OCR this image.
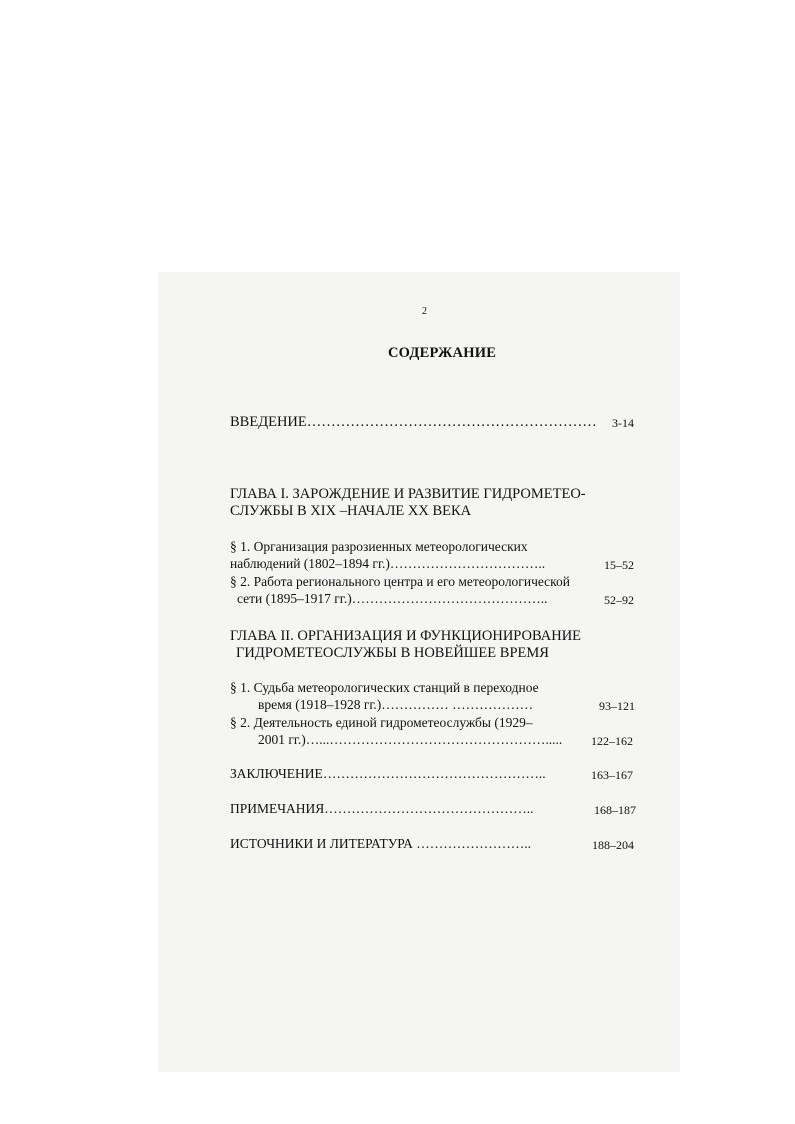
2
СОДЕРЖАНИЕ
ВВЕДЕНИЕ…………………………………………………… 3-14
ГЛАВА I. ЗАРОЖДЕНИЕ И РАЗВИТИЕ ГИДРОМЕТЕО-
СЛУЖБЫ В XIX –НАЧАЛЕ XX ВЕКА
§ 1. Организация разрозиенных метеорологических
наблюдений (1802–1894 гг.)……………………………..	15–52
§ 2. Работа регионального центра и его метеорологической
сети (1895–1917 гг.)……………………………………..	52–92
ГЛАВА II. ОРГАНИЗАЦИЯ И ФУНКЦИОНИРОВАНИЕ
ГИДРОМЕТЕОСЛУЖБЫ В НОВЕЙШЕЕ ВРЕМЯ
§ 1. Судьба метеорологических станций в переходное
время (1918–1928 гг.)…………… ………………	93–121
§ 2. Деятельность единой гидрометеослужбы (1929–
2001 гг.)…...…………………………………………..... 122–162
ЗАКЛЮЧЕНИЕ…………………………………………..	163–167
ПРИМЕЧАНИЯ………………………………………..	168–187
ИСТОЧНИКИ И ЛИТЕРАТУРА ……………………..	188–204
